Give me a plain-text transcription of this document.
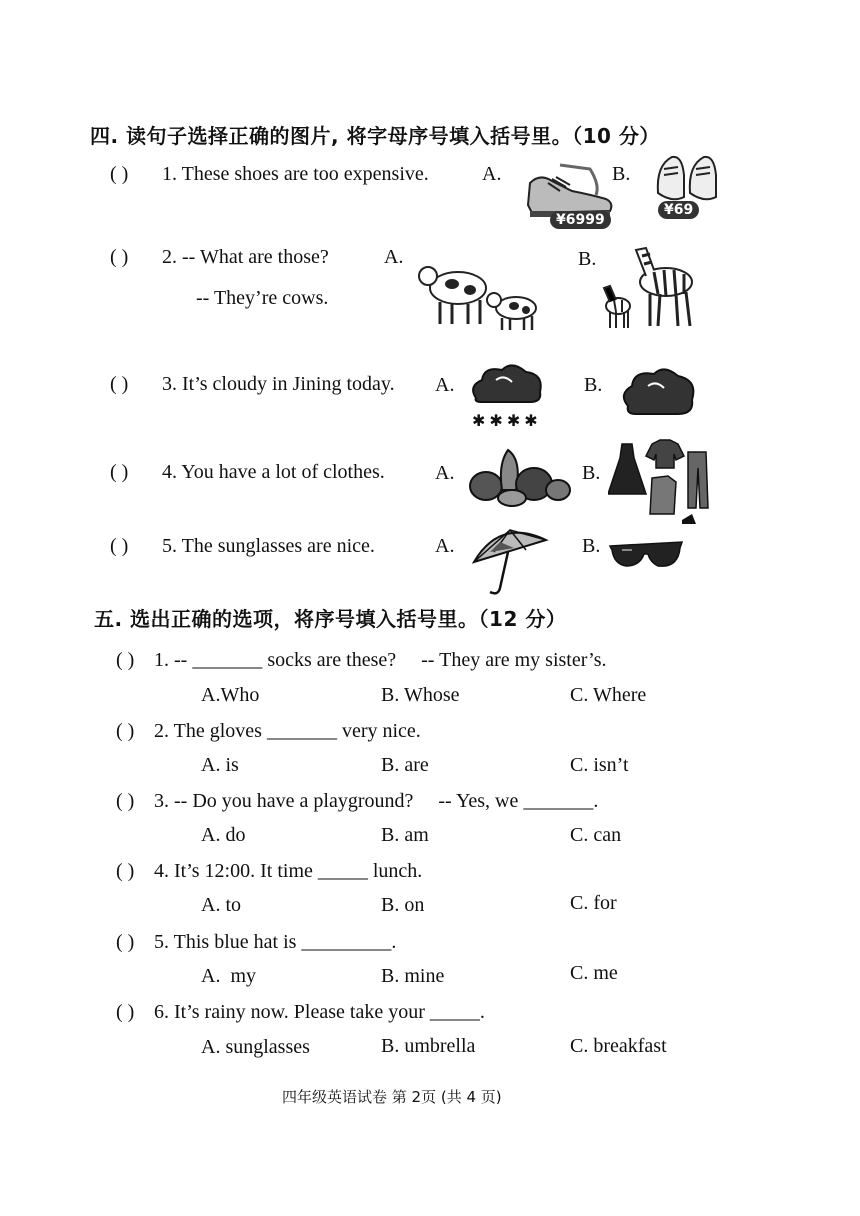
四. 读句子选择正确的图片, 将字母序号填入括号里。（10 分）
( ) 1. These shoes are too expensive.	A.	B.
¥6999
¥69
( ) 2. -- What are those?
-- They’re cows.
A.	B.
( ) 3. It’s cloudy in Jining today. A.	B.
✱ ✱ ✱ ✱
( ) 4. You have a lot of clothes.	A.	B.
( ) 5. The sunglasses are nice.	A.	B.
五. 选出正确的选项，将序号填入括号里。（12 分）
( ) 1. -- _______ socks are these?     -- They are my sister’s.
A.Who	B. Whose	C. Where
( ) 2. The gloves _______ very nice.
A. is	B. are	C. isn’t
( ) 3. -- Do you have a playground?     -- Yes, we _______.
A. do	B. am	C. can
( ) 4. It’s 12:00. It time _____ lunch.
A. to	B. on	C. for
( ) 5. This blue hat is _________.
A.  my	B. mine	C. me
( ) 6. It’s rainy now. Please take your _____.
A. sunglasses	B. umbrella	C. breakfast
四年级英语试卷 第 2页 (共 4 页)
